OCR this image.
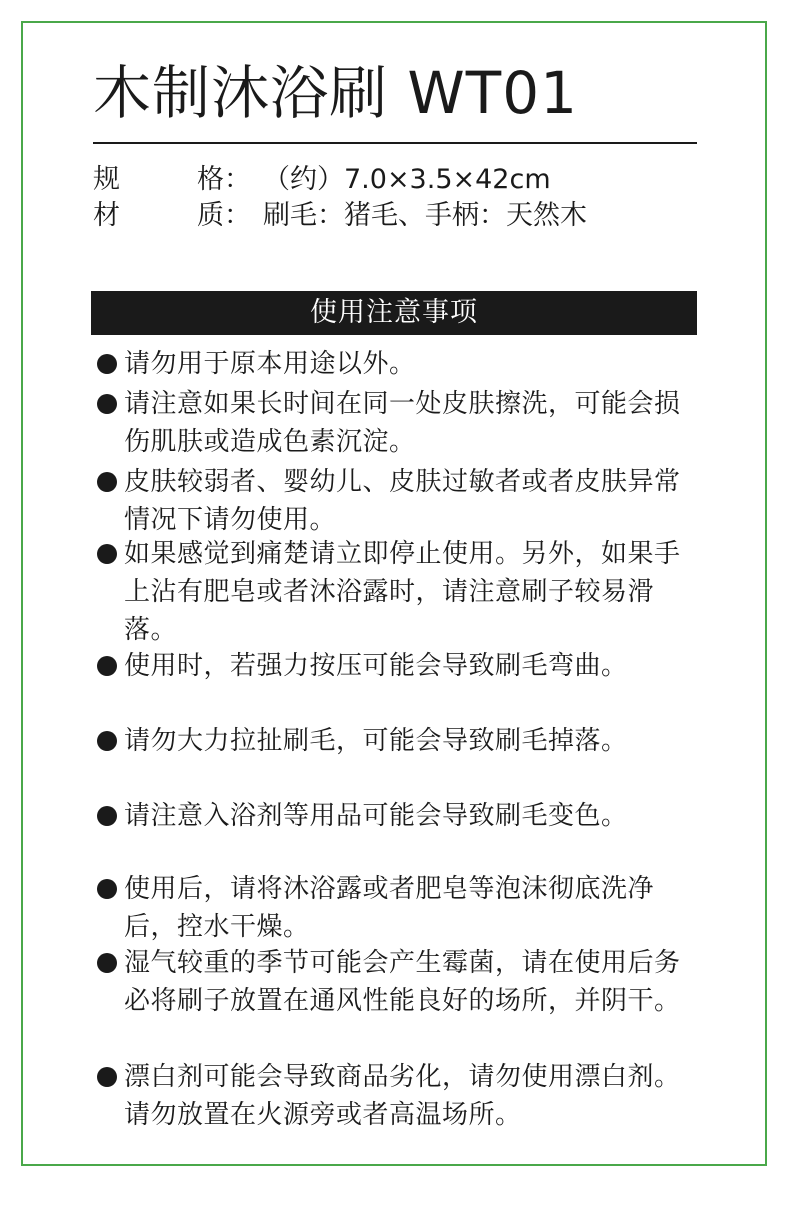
木制沐浴刷 WT01
规	格： （约）7.0×3.5×42cm
材	质： 刷毛：猪毛、手柄：天然木
使用注意事项
请勿用于原本用途以外。
请注意如果长时间在同一处皮肤擦洗，可能会损伤肌肤或造成色素沉淀。
皮肤较弱者、婴幼儿、皮肤过敏者或者皮肤异常情况下请勿使用。
如果感觉到痛楚请立即停止使用。另外，如果手上沾有肥皂或者沐浴露时，请注意刷子较易滑落。
使用时，若强力按压可能会导致刷毛弯曲。
请勿大力拉扯刷毛，可能会导致刷毛掉落。
请注意入浴剂等用品可能会导致刷毛变色。
使用后，请将沐浴露或者肥皂等泡沫彻底洗净后，控水干燥。
湿气较重的季节可能会产生霉菌，请在使用后务必将刷子放置在通风性能良好的场所，并阴干。
漂白剂可能会导致商品劣化，请勿使用漂白剂。请勿放置在火源旁或者高温场所。
